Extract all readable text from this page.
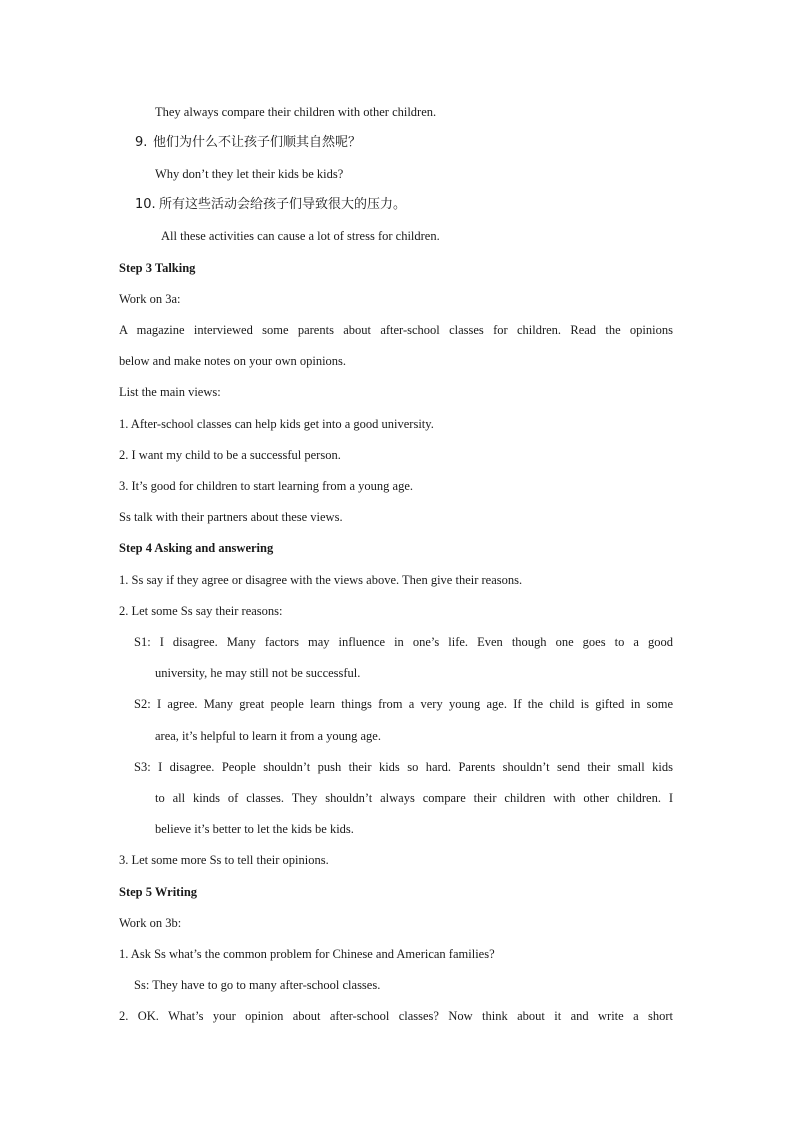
They always compare their children with other children.
9. 他们为什么不让孩子们顺其自然呢？
Why don’t they let their kids be kids?
10. 所有这些活动会给孩子们导致很大的压力。
All these activities can cause a lot of stress for children.
Step 3 Talking
Work on 3a:
A magazine interviewed some parents about after-school classes for children. Read the opinions
below and make notes on your own opinions.
List the main views:
1. After-school classes can help kids get into a good university.
2. I want my child to be a successful person.
3. It’s good for children to start learning from a young age.
Ss talk with their partners about these views.
Step 4 Asking and answering
1. Ss say if they agree or disagree with the views above. Then give their reasons.
2. Let some Ss say their reasons:
S1: I disagree. Many factors may influence in one’s life. Even though one goes to a good
university, he may still not be successful.
S2: I agree. Many great people learn things from a very young age. If the child is gifted in some
area, it’s helpful to learn it from a young age.
S3: I disagree. People shouldn’t push their kids so hard. Parents shouldn’t send their small kids
to all kinds of classes. They shouldn’t always compare their children with other children. I
believe it’s better to let the kids be kids.
3. Let some more Ss to tell their opinions.
Step 5 Writing
Work on 3b:
1. Ask Ss what’s the common problem for Chinese and American families?
Ss: They have to go to many after-school classes.
2. OK. What’s your opinion about after-school classes? Now think about it and write a short
